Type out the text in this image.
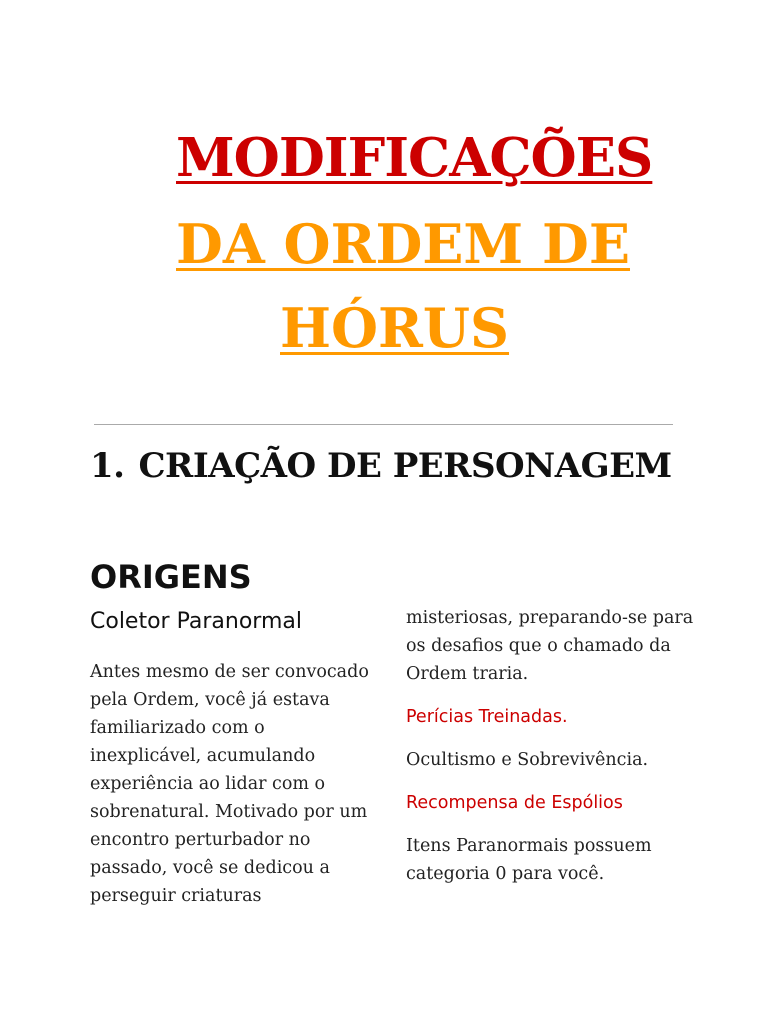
MODIFICAÇÕES
DA ORDEM DE
HÓRUS
1. CRIAÇÃO DE PERSONAGEM
ORIGENS
Coletor Paranormal

Antes mesmo de ser convocado pela Ordem, você já estava familiarizado com o inexplicável, acumulando experiência ao lidar com o sobrenatural. Motivado por um encontro perturbador no passado, você se dedicou a perseguir criaturas

misteriosas, preparando-se para os desafios que o chamado da Ordem traria.

Perícias Treinadas.

Ocultismo e Sobrevivência.

Recompensa de Espólios

Itens Paranormais possuem categoria 0 para você.
